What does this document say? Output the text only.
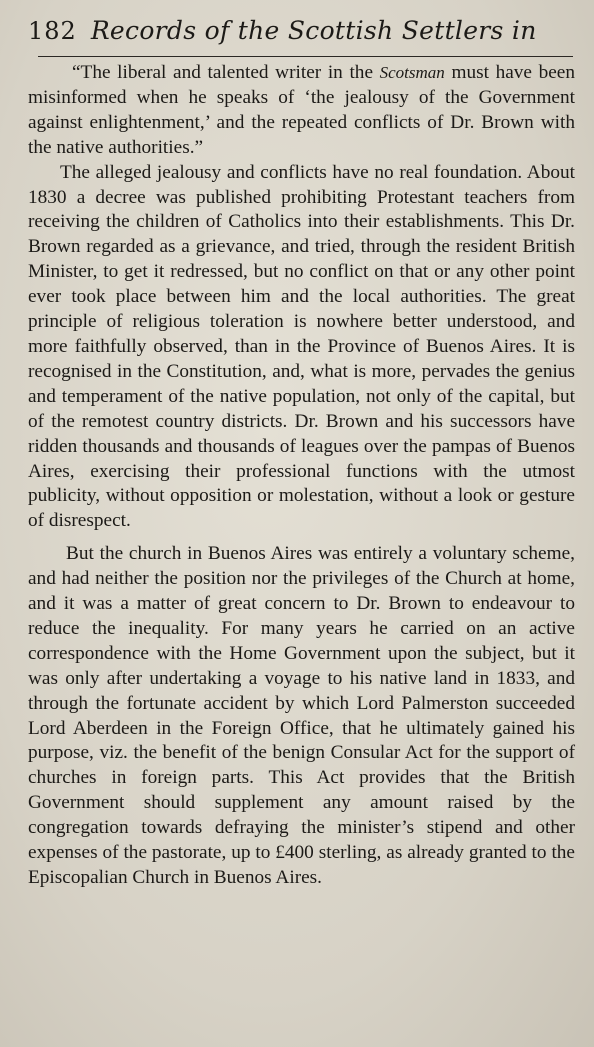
182 Records of the Scottish Settlers in

“The liberal and talented writer in the Scotsman must have been misinformed when he speaks of ‘the jealousy of the Government against enlightenment,’ and the repeated conflicts of Dr. Brown with the native authorities.”

The alleged jealousy and conflicts have no real foundation. About 1830 a decree was published prohibiting Protestant teachers from receiving the children of Catholics into their establishments. This Dr. Brown regarded as a grievance, and tried, through the resident British Minister, to get it redressed, but no conflict on that or any other point ever took place between him and the local authorities. The great principle of religious toleration is nowhere better understood, and more faithfully observed, than in the Province of Buenos Aires. It is recognised in the Constitution, and, what is more, pervades the genius and temperament of the native population, not only of the capital, but of the remotest country districts. Dr. Brown and his successors have ridden thousands and thousands of leagues over the pampas of Buenos Aires, exercising their professional functions with the utmost publicity, without opposition or molestation, without a look or gesture of disrespect.

But the church in Buenos Aires was entirely a voluntary scheme, and had neither the position nor the privileges of the Church at home, and it was a matter of great concern to Dr. Brown to endeavour to reduce the inequality. For many years he carried on an active correspondence with the Home Government upon the subject, but it was only after undertaking a voyage to his native land in 1833, and through the fortunate accident by which Lord Palmerston succeeded Lord Aberdeen in the Foreign Office, that he ultimately gained his purpose, viz. the benefit of the benign Consular Act for the support of churches in foreign parts. This Act provides that the British Government should supplement any amount raised by the congregation towards defraying the minister’s stipend and other expenses of the pastorate, up to £400 sterling, as already granted to the Episcopalian Church in Buenos Aires.
